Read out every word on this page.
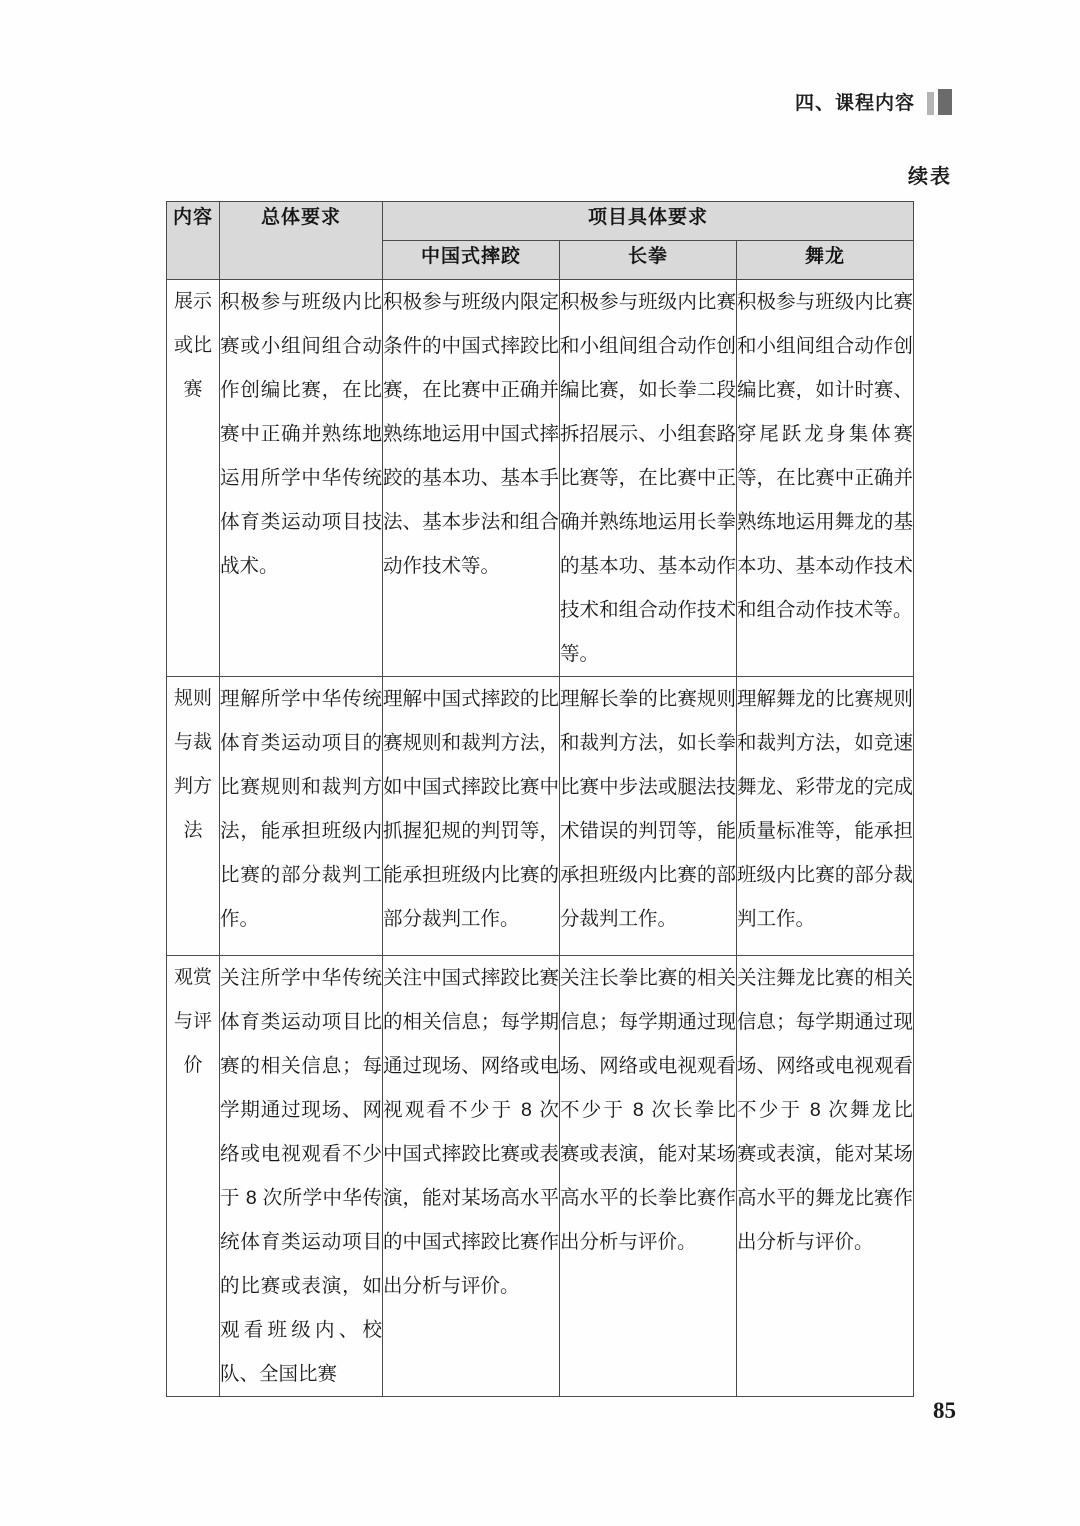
四、课程内容
续表
内容	总体要求	项目具体要求		
		中国式摔跤	长拳	舞龙
展示或比赛	积极参与班级内比赛或小组间组合动作创编比赛，在比赛中正确并熟练地运用所学中华传统体育类运动项目技战术。	积极参与班级内限定条件的中国式摔跤比赛，在比赛中正确并熟练地运用中国式摔跤的基本功、基本手法、基本步法和组合动作技术等。	积极参与班级内比赛和小组间组合动作创编比赛，如长拳二段拆招展示、小组套路比赛等，在比赛中正确并熟练地运用长拳的基本功、基本动作技术和组合动作技术等。	积极参与班级内比赛和小组间组合动作创编比赛，如计时赛、穿尾跃龙身集体赛等，在比赛中正确并熟练地运用舞龙的基本功、基本动作技术和组合动作技术等。

规则与裁判方法	理解所学中华传统体育类运动项目的比赛规则和裁判方法，能承担班级内比赛的部分裁判工作。	理解中国式摔跤的比赛规则和裁判方法，如中国式摔跤比赛中抓握犯规的判罚等，能承担班级内比赛的部分裁判工作。	理解长拳的比赛规则和裁判方法，如长拳比赛中步法或腿法技术错误的判罚等，能承担班级内比赛的部分裁判工作。	理解舞龙的比赛规则和裁判方法，如竞速舞龙、彩带龙的完成质量标准等，能承担班级内比赛的部分裁判工作。

观赏与评价	关注所学中华传统体育类运动项目比赛的相关信息；每学期通过现场、网络或电视观看不少于 8 次所学中华传统体育类运动项目的比赛或表演，如观看班级内、校队、全国比赛	关注中国式摔跤比赛的相关信息；每学期通过现场、网络或电视观看不少于 8 次中国式摔跤比赛或表演，能对某场高水平的中国式摔跤比赛作出分析与评价。	关注长拳比赛的相关信息；每学期通过现场、网络或电视观看不少于 8 次长拳比赛或表演，能对某场高水平的长拳比赛作出分析与评价。	关注舞龙比赛的相关信息；每学期通过现场、网络或电视观看不少于 8 次舞龙比赛或表演，能对某场高水平的舞龙比赛作出分析与评价。
85
